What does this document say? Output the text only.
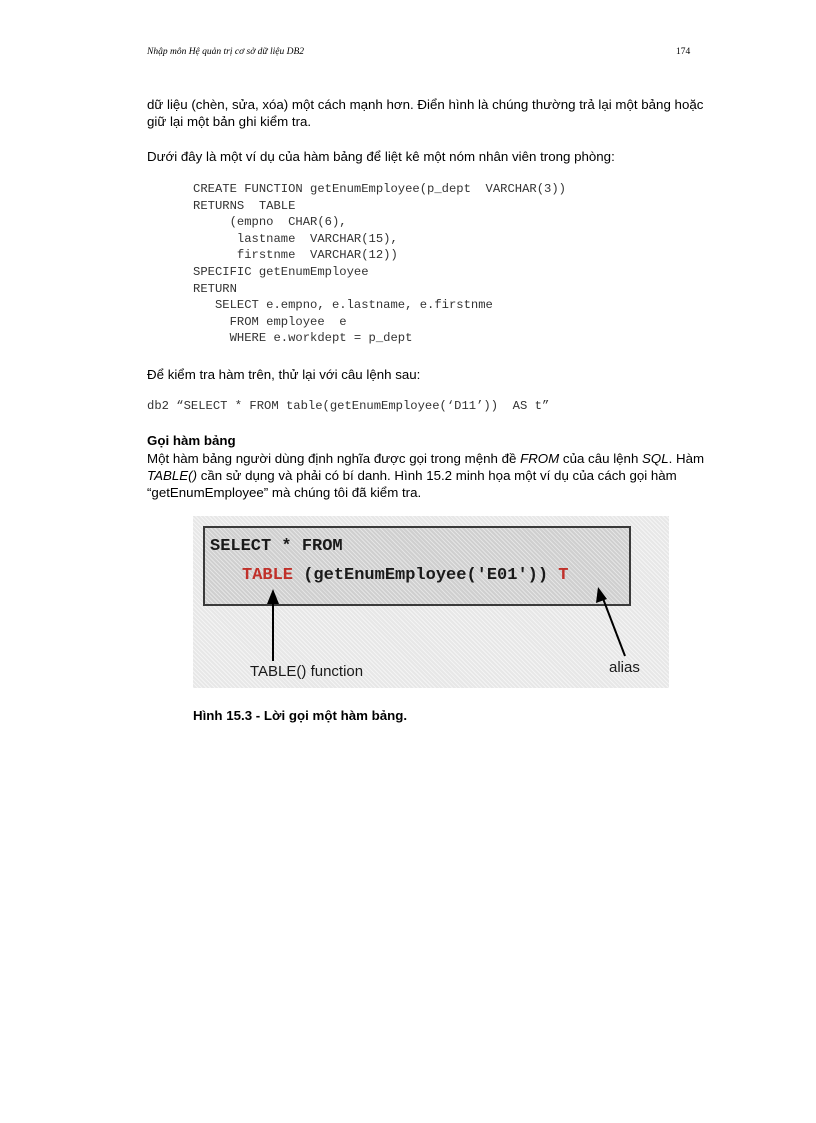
Nhập môn Hệ quản trị cơ sở dữ liệu DB2	174

dữ liệu (chèn, sửa, xóa) một cách mạnh hơn. Điển hình là chúng thường trả lại một bảng hoặc giữ lại một bản ghi kiểm tra.

Dưới đây là một ví dụ của hàm bảng để liệt kê một nóm nhân viên trong phòng:

CREATE FUNCTION getEnumEmployee(p_dept  VARCHAR(3))
RETURNS  TABLE
(empno  CHAR(6),
lastname  VARCHAR(15),
firstnme  VARCHAR(12))
SPECIFIC getEnumEmployee
RETURN
SELECT e.empno, e.lastname, e.firstnme
FROM employee  e
WHERE e.workdept = p_dept

Để kiểm tra hàm trên, thử lại với câu lệnh sau:

db2 “SELECT * FROM table(getEnumEmployee(‘D11’))  AS t”
Gọi hàm bảng

Một hàm bảng người dùng định nghĩa được gọi trong mệnh đề FROM của câu lệnh SQL. Hàm TABLE() cần sử dụng và phải có bí danh. Hình 15.2 minh họa một ví dụ của cách gọi hàm “getEnumEmployee” mà chúng tôi đã kiểm tra.

SELECT * FROM
TABLE (getEnumEmployee('E01')) T
TABLE() function	alias
Hình 15.3 - Lời gọi một hàm bảng.
